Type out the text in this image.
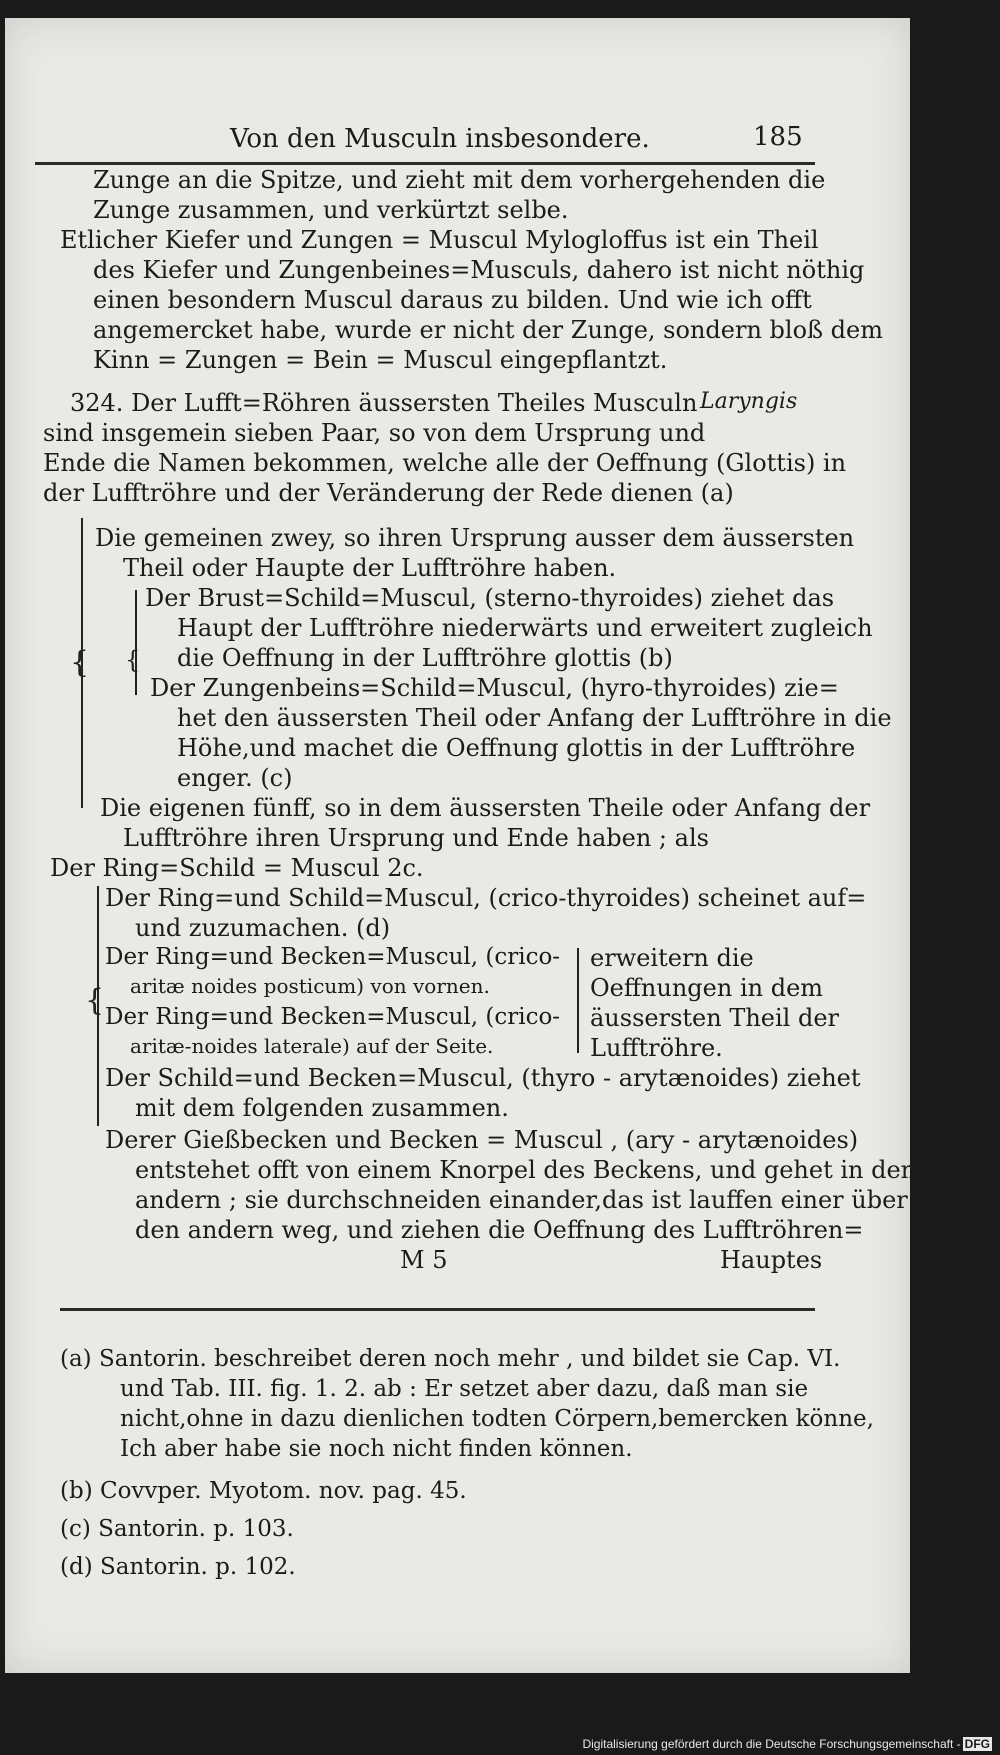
Von den Musculn insbesondere.	185
Zunge an die Spitze, und zieht mit dem vorhergehenden die
Zunge zusammen, und verkürtzt selbe.
Etlicher Kiefer und Zungen = Muscul Mylogloffus ist ein Theil
des Kiefer und Zungenbeines=Musculs, dahero ist nicht nöthig
einen besondern Muscul daraus zu bilden. Und wie ich offt
angemercket habe, wurde er nicht der Zunge, sondern bloß dem
Kinn = Zungen = Bein = Muscul eingepflantzt.
324. Der Lufft=Röhren äussersten Theiles Musculn Laryngis
sind insgemein sieben Paar, so von dem Ursprung und
Ende die Namen bekommen, welche alle der Oeffnung (Glottis) in
der Lufftröhre und der Veränderung der Rede dienen (a)
{
Die gemeinen zwey, so ihren Ursprung ausser dem äussersten
Theil oder Haupte der Lufftröhre haben.
{
Der Brust=Schild=Muscul, (sterno-thyroides) ziehet das
Haupt der Lufftröhre niederwärts und erweitert zugleich
die Oeffnung in der Lufftröhre glottis (b)
Der Zungenbeins=Schild=Muscul, (hyro-thyroides) zie=
het den äussersten Theil oder Anfang der Lufftröhre in die
Höhe,und machet die Oeffnung glottis in der Lufftröhre
enger. (c)
Die eigenen fünff, so in dem äussersten Theile oder Anfang der
Lufftröhre ihren Ursprung und Ende haben ; als
Der Ring=Schild = Muscul 2c.
{
Der Ring=und Schild=Muscul, (crico-thyroides) scheinet auf=
und zuzumachen. (d)
Der Ring=und Becken=Muscul, (crico-
aritæ noides posticum) von vornen.
Der Ring=und Becken=Muscul, (crico-
aritæ-noides laterale) auf der Seite.
erweitern die
Oeffnungen in dem
äussersten Theil der
Lufftröhre.
Der Schild=und Becken=Muscul, (thyro - arytænoides) ziehet
mit dem folgenden zusammen.
Derer Gießbecken und Becken = Muscul , (ary - arytænoides)
entstehet offt von einem Knorpel des Beckens, und gehet in den
andern ; sie durchschneiden einander,das ist lauffen einer über
den andern weg, und ziehen die Oeffnung des Lufftröhren=
M 5	Hauptes
(a) Santorin. beschreibet deren noch mehr , und bildet sie Cap. VI.
und Tab. III. fig. 1. 2. ab : Er setzet aber dazu, daß man sie
nicht,ohne in dazu dienlichen todten Cörpern,bemercken könne,
Ich aber habe sie noch nicht finden können.
(b) Covvper. Myotom. nov. pag. 45.
(c) Santorin. p. 103.
(d) Santorin. p. 102.
Digitalisierung gefördert durch die Deutsche Forschungsgemeinschaft - DFG
